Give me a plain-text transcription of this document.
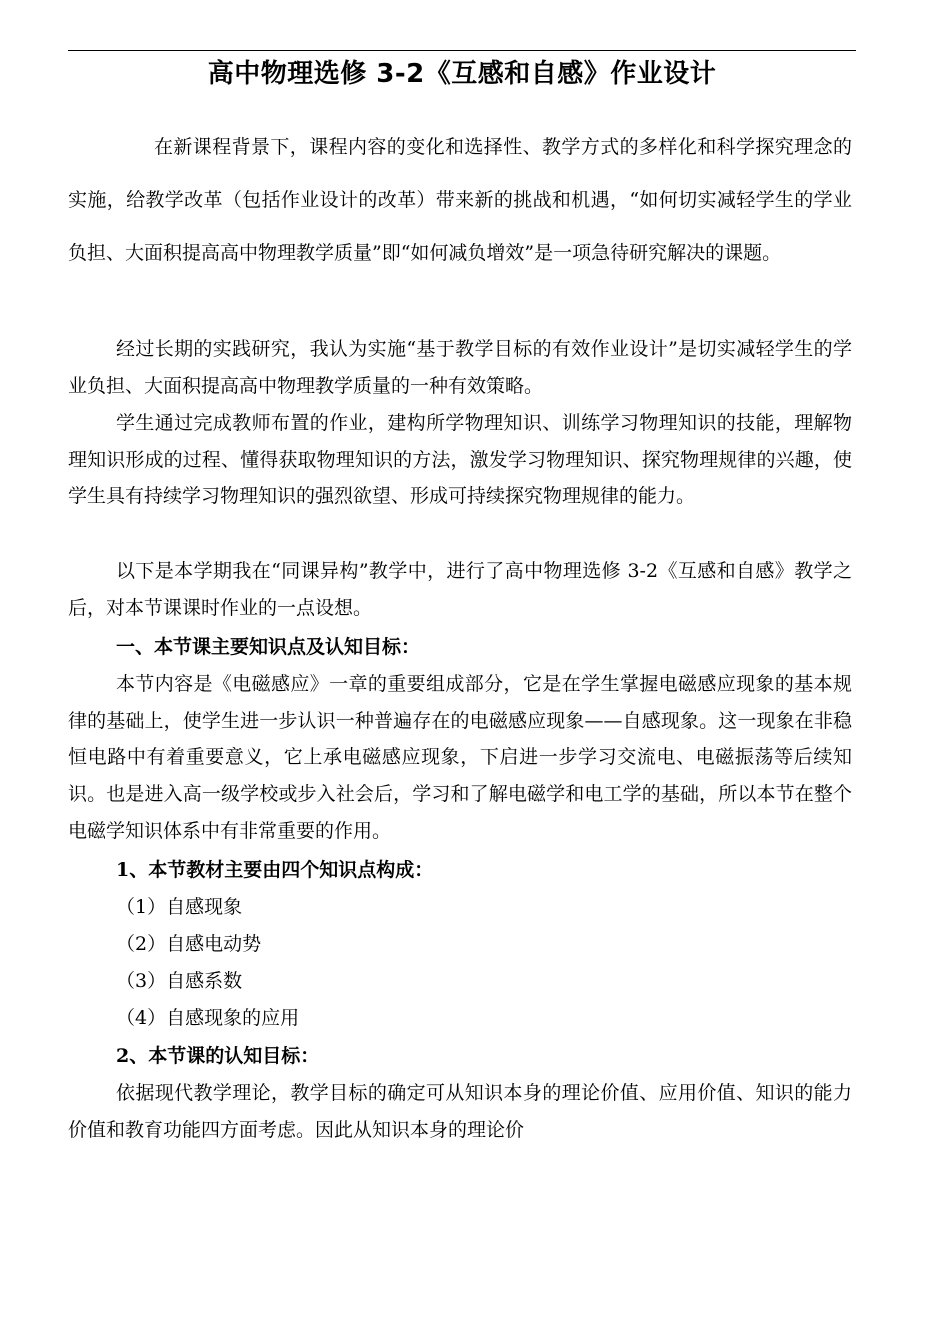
高中物理选修 3-2《互感和自感》作业设计

在新课程背景下，课程内容的变化和选择性、教学方式的多样化和科学探究理念的实施，给教学改革（包括作业设计的改革）带来新的挑战和机遇，“如何切实减轻学生的学业负担、大面积提高高中物理教学质量”即“如何减负增效”是一项急待研究解决的课题。

经过长期的实践研究，我认为实施“基于教学目标的有效作业设计”是切实减轻学生的学业负担、大面积提高高中物理教学质量的一种有效策略。

学生通过完成教师布置的作业，建构所学物理知识、训练学习物理知识的技能，理解物理知识形成的过程、懂得获取物理知识的方法，激发学习物理知识、探究物理规律的兴趣，使学生具有持续学习物理知识的强烈欲望、形成可持续探究物理规律的能力。

以下是本学期我在“同课异构”教学中，进行了高中物理选修 3-2《互感和自感》教学之后，对本节课课时作业的一点设想。

一、本节课主要知识点及认知目标：

本节内容是《电磁感应》一章的重要组成部分，它是在学生掌握电磁感应现象的基本规律的基础上，使学生进一步认识一种普遍存在的电磁感应现象——自感现象。这一现象在非稳恒电路中有着重要意义，它上承电磁感应现象，下启进一步学习交流电、电磁振荡等后续知识。也是进入高一级学校或步入社会后，学习和了解电磁学和电工学的基础，所以本节在整个电磁学知识体系中有非常重要的作用。

1、本节教材主要由四个知识点构成：

（1）自感现象

（2）自感电动势

（3）自感系数

（4）自感现象的应用

2、本节课的认知目标：

依据现代教学理论，教学目标的确定可从知识本身的理论价值、应用价值、知识的能力价值和教育功能四方面考虑。因此从知识本身的理论价
